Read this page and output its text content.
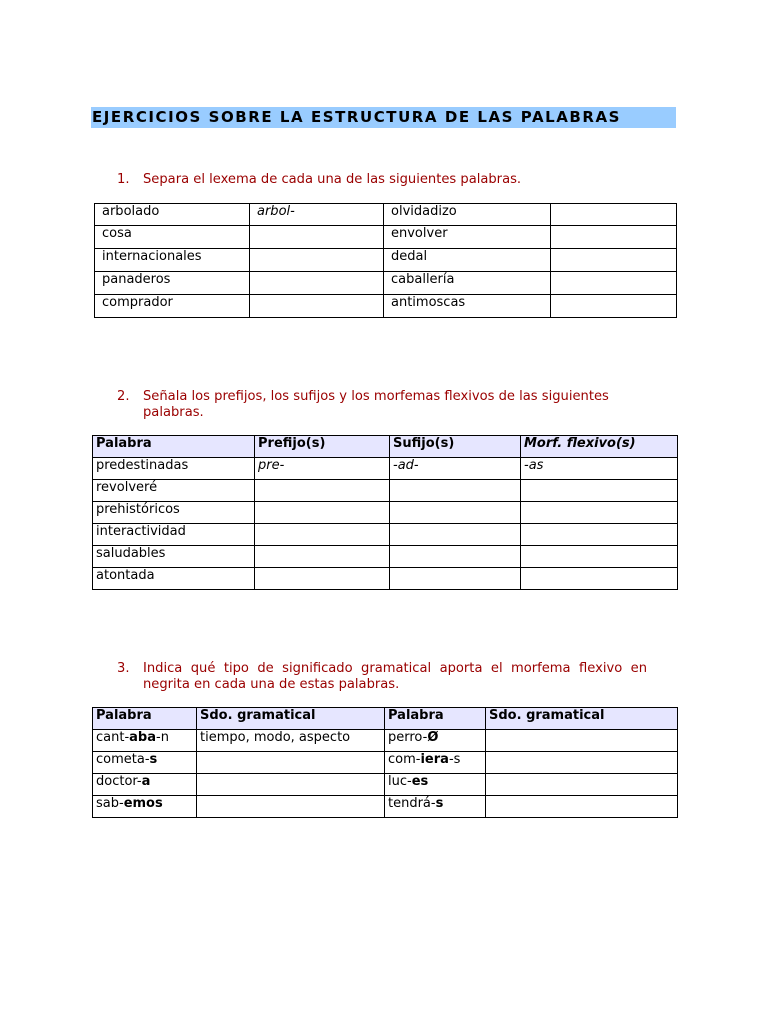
EJERCICIOS SOBRE LA ESTRUCTURA DE LAS PALABRAS
1. Separa el lexema de cada una de las siguientes palabras.
arbolado	arbol-	olvidadizo	
cosa		envolver	
internacionales		dedal	
panaderos		caballería	
comprador		antimoscas	
2. Señala los prefijos, los sufijos y los morfemas flexivos de las siguientes
palabras.
Palabra	Prefijo(s)	Sufijo(s)	Morf. flexivo(s)
predestinadas	pre-	-ad-	-as
revolveré			
prehistóricos			
interactividad			
saludables			
atontada			
3. Indica qué tipo de significado gramatical aporta el morfema flexivo en
negrita en cada una de estas palabras.
Palabra	Sdo. gramatical	Palabra	Sdo. gramatical
cant-aba-n	tiempo, modo, aspecto	perro-Ø	
cometa-s		com-iera-s	
doctor-a		luc-es	
sab-emos		tendrá-s	
